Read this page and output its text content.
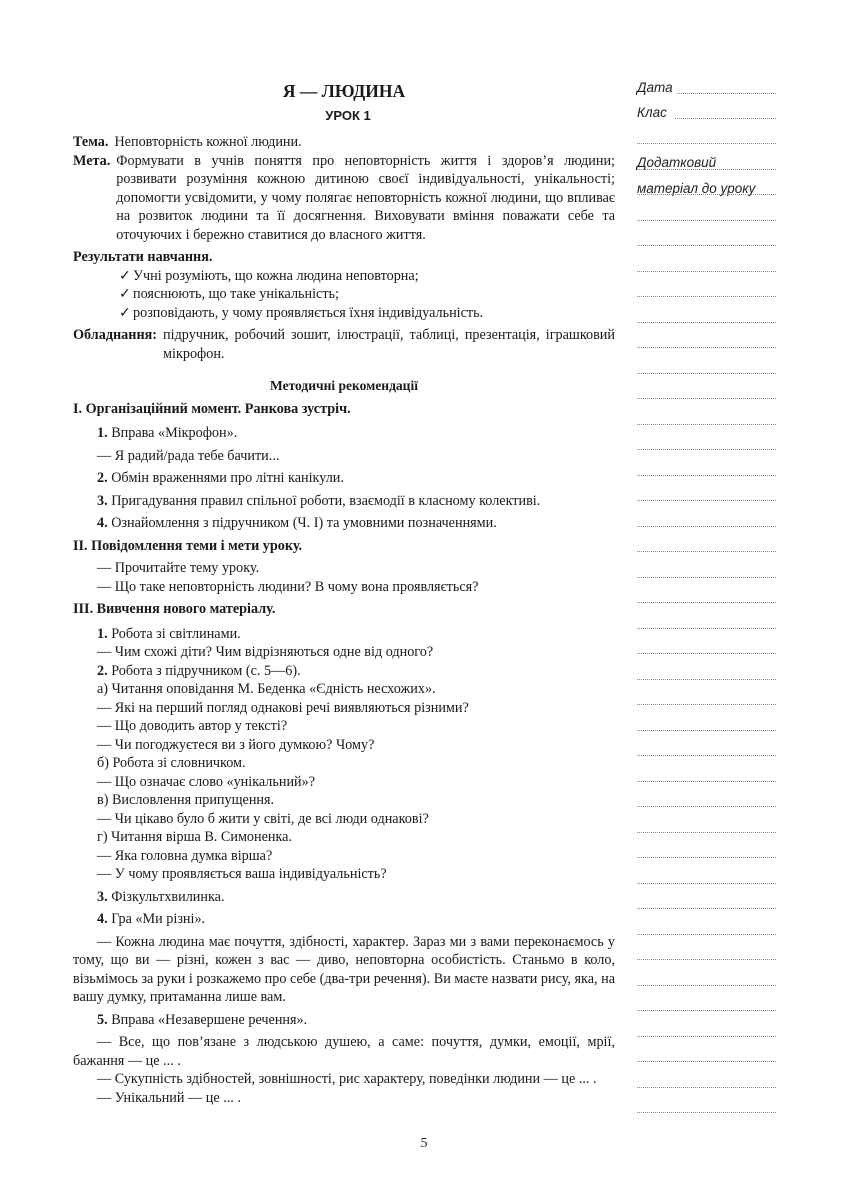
Я — ЛЮДИНА

УРОК 1

Тема. Неповторність кожної людини.
Мета. Формувати в учнів поняття про неповторність життя і здоров’я людини; розвивати розуміння кожною дитиною своєї індивідуальності, унікальності; допомогти усвідомити, у чому полягає неповторність кожної людини, що впливає на розвиток людини та її досягнення. Виховувати вміння поважати себе та оточуючих і бережно ставитися до власного життя.

Результати навчання.

✓ Учні розуміють, що кожна людина неповторна;
✓ пояснюють, що таке унікальність;
✓ розповідають, у чому проявляється їхня індивідуальність.
Обладнання: підручник, робочий зошит, ілюстрації, таблиці, презентація, іграшковий мікрофон.

Методичні рекомендації

I. Організаційний момент. Ранкова зустріч.

1. Вправа «Мікрофон».

— Я радий/рада тебе бачити...

2. Обмін враженнями про літні канікули.

3. Пригадування правил спільної роботи, взаємодії в класному колективі.

4. Ознайомлення з підручником (Ч. І) та умовними позначеннями.

II. Повідомлення теми і мети уроку.

— Прочитайте тему уроку.

— Що таке неповторність людини? В чому вона проявляється?

III. Вивчення нового матеріалу.

1. Робота зі світлинами.

— Чим схожі діти? Чим відрізняються одне від одного?

2. Робота з підручником (с. 5—6).

а) Читання оповідання М. Беденка «Єдність несхожих».

— Які на перший погляд однакові речі виявляються різними?

— Що доводить автор у тексті?

— Чи погоджуєтеся ви з його думкою? Чому?

б) Робота зі словничком.

— Що означає слово «унікальний»?

в) Висловлення припущення.

— Чи цікаво було б жити у світі, де всі люди однакові?

г) Читання вірша В. Симоненка.

— Яка головна думка вірша?

— У чому проявляється ваша індивідуальність?

3. Фізкультхвилинка.

4. Гра «Ми різні».

— Кожна людина має почуття, здібності, характер. Зараз ми з вами переконаємось у тому, що ви — різні, кожен з вас — диво, неповторна особистість. Станьмо в коло, візьмімось за руки і розкажемо про себе (два-три речення). Ви маєте назвати рису, яка, на вашу думку, притаманна лише вам.

5. Вправа «Незавершене речення».

— Все, що пов’язане з людською душею, а саме: почуття, думки, емоції, мрії, бажання — це ... .

— Сукупність здібностей, зовнішності, рис характеру, поведінки людини — це ... .

— Унікальний — це ... .

Дата
Клас
Додатковий
матеріал до уроку
5
